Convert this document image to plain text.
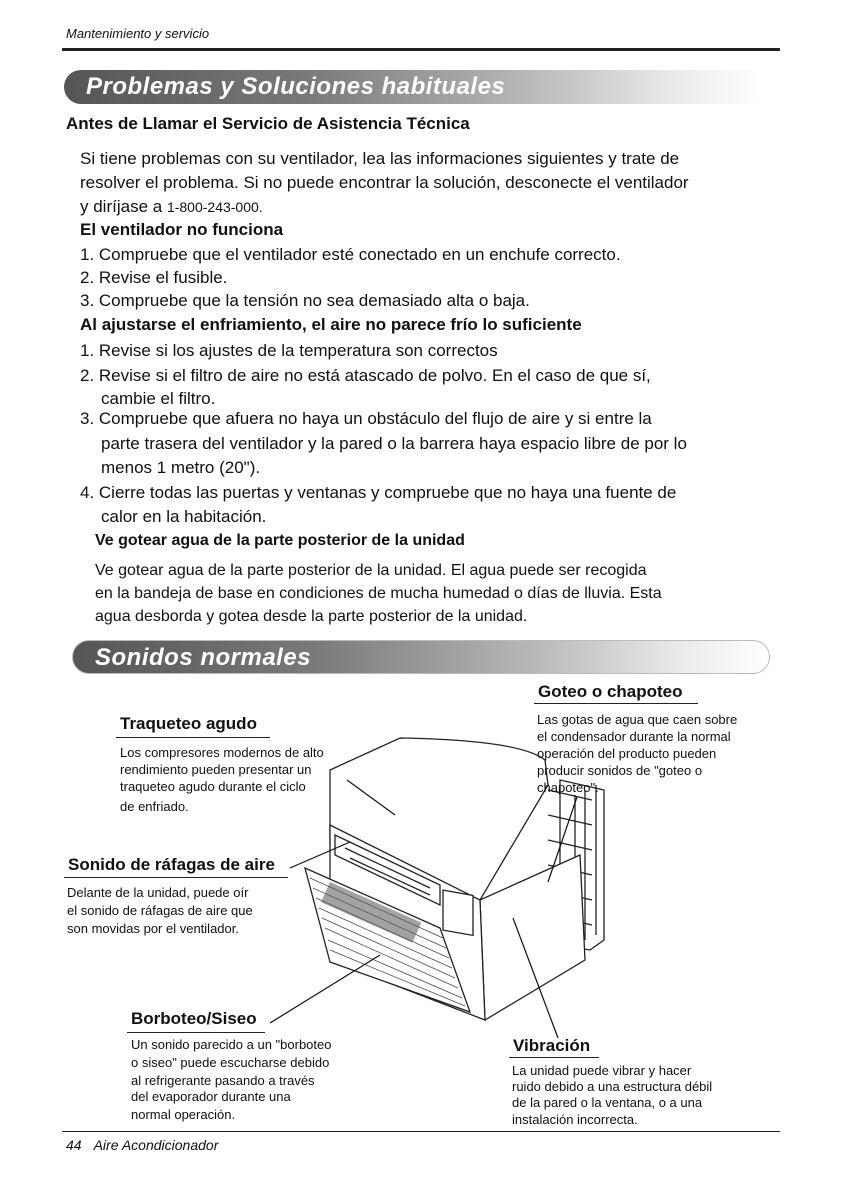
Mantenimiento y servicio
Problemas y Soluciones habituales
Antes de Llamar el Servicio de Asistencia Técnica
Si tiene problemas con su ventilador, lea las informaciones siguientes y trate de
resolver el problema. Si no puede encontrar la solución, desconecte el ventilador
y diríjase a 1-800-243-000.
El ventilador no funciona
1. Compruebe que el ventilador esté conectado en un enchufe correcto.
2. Revise el fusible.
3. Compruebe que la tensión no sea demasiado alta o baja.
Al ajustarse el enfriamiento, el aire no parece frío lo suficiente
1. Revise si los ajustes de la temperatura son correctos
2. Revise si el filtro de aire no está atascado de polvo. En el caso de que sí,
cambie el filtro.
3. Compruebe que afuera no haya un obstáculo del flujo de aire y si entre la
parte trasera del ventilador y la pared o la barrera haya espacio libre de por lo
menos 1 metro (20").
4. Cierre todas las puertas y ventanas y compruebe que no haya una fuente de
calor en la habitación.
Ve gotear agua de la parte posterior de la unidad
Ve gotear agua de la parte posterior de la unidad. El agua puede ser recogida
en la bandeja de base en condiciones de mucha humedad o días de lluvia. Esta
agua desborda y gotea desde la parte posterior de la unidad.
Sonidos normales
Traqueteo agudo
Los compresores modernos de alto
rendimiento pueden presentar un
traqueteo agudo durante el ciclo
de enfriado.
Goteo o chapoteo
Las gotas de agua que caen sobre
el condensador durante la normal
operación del producto pueden
producir sonidos de "goteo o
chapoteo".
Sonido de ráfagas de aire
Delante de la unidad, puede oír
el sonido de ráfagas de aire que
son movidas por el ventilador.
Borboteo/Siseo
Un sonido parecido a un "borboteo
o siseo" puede escucharse debido
al refrigerante pasando a través
del evaporador durante una
normal operación.
Vibración
La unidad puede vibrar y hacer
ruido debido a una estructura débil
de la pared o la ventana, o a una
instalación incorrecta.
44 Aire Acondicionador
